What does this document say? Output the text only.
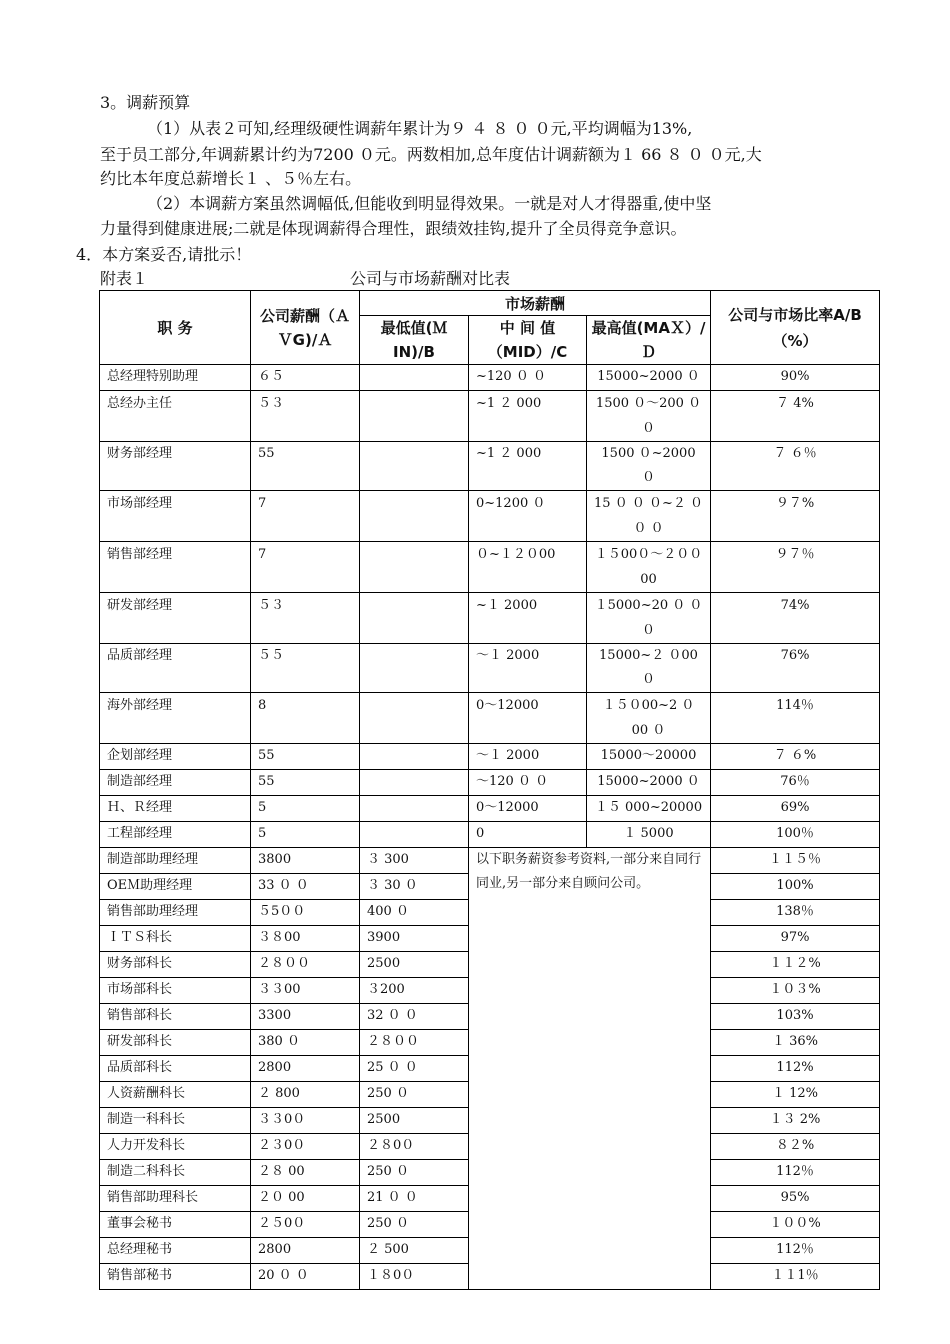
3。调薪预算
（1）从表２可知,经理级硬性调薪年累计为９ ４ ８ ０ ０元,平均调幅为13%,
至于员工部分,年调薪累计约为7200 ０元。两数相加,总年度估计调薪额为１ 66 ８ ０ ０元,大
约比本年度总薪增长１ 、５％左右。
（2）本调薪方案虽然调幅低,但能收到明显得效果。一就是对人才得器重,使中坚
力量得到健康进展;二就是体现调薪得合理性，跟绩效挂钩,提升了全员得竞争意识。
4．本方案妥否,请批示！
附表１	公司与市场薪酬对比表
职 务	公司薪酬（ＡＶG)/Ａ	市场薪酬			公司与市场比率A/B（%）
		最低值(ＭIN)/B	中 间 值（MID）/C	最高值(MAＸ）/Ｄ	
总经理特别助理	６５		~120 ０ ０	15000~2000 ０	90%
总经办主任	５３		~1 ２ 000	1500 ０～200 ０ ０	７ 4%
财务部经理	55		~1 ２ 000	1500 ０~2000 ０	７ ６％
市场部经理	7		0~1200 ０	15 ０ ０ ０~２ ０ ０ ０	９７%
销售部经理	7		０~１２０00	１５00０～２００ 00	９７％
研发部经理	５３		~１ 2000	１5000~20 ０ ０ ０	74%
品质部经理	５５		～１ 2000	15000~２ ０00 ０	76%
海外部经理	8		0～12000	１５０00~2 ０ 00 ０	114％
企划部经理	55		～１ 2000	15000～20000	７ ６%
制造部经理	55		～120 ０ ０	15000~2000 ０	76％
Ｈ、Ｒ经理	5		0～12000	１５ 000~20000	69%
工程部经理	5		0	１ 5000	100％
制造部助理经理	3800	３ 300	以下职务薪资参考资料,一部分来自同行同业,另一部分来自顾问公司。		１１５％
OEＭ助理经理	33 ０ ０	３ 30 ０			100%
销售部助理经理	５5００	400 ０			138％
ＩＴＳ科长	３８00	3900			97%
财务部科长	２８００	2500			１１２%
市场部科长	３３00	３200			１０３%
销售部科长	3300	32 ０ ０			103%
研发部科长	380 ０	２８００			１ 36%
品质部科长	2800	25 ０ ０			112%
人资薪酬科长	２ 800	250 ０			１ 12%
制造一科科长	３３0０	2500			１３ 2%
人力开发科长	２３0０	２８0０			８２%
制造二科科长	２８ 00	250 ０			112％
销售部助理科长	２０ 00	21 ０ ０			95%
董事会秘书	２５0０	250 ０			１００%
总经理秘书	2800	２ 500			112％
销售部秘书	20 ０ ０	１８0０			１１1％
